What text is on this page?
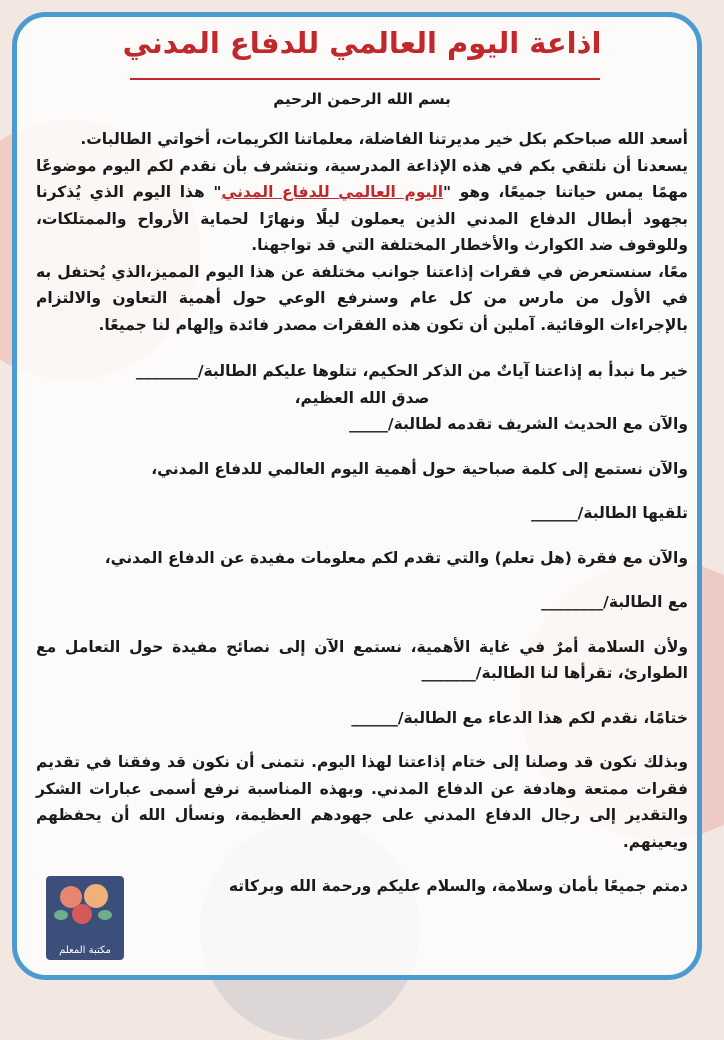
اذاعة اليوم العالمي للدفاع المدني
بسم الله الرحمن الرحيم

أسعد الله صباحكم بكل خير مديرتنا الفاضلة، معلماتنا الكريمات، أخواتي الطالبات.

يسعدنا أن نلتقي بكم في هذه الإذاعة المدرسية، ونتشرف بأن نقدم لكم اليوم موضوعًا مهمًا يمس حياتنا جميعًا، وهو "اليوم العالمي للدفاع المدني" هذا اليوم الذي يُذكرنا بجهود أبطال الدفاع المدني الذين يعملون ليلًا ونهارًا لحماية الأرواح والممتلكات، وللوقوف ضد الكوارث والأخطار المختلفة التي قد تواجهنا.

معًا، سنستعرض في فقرات إذاعتنا جوانب مختلفة عن هذا اليوم المميز،الذي يُحتفل به في الأول من مارس من كل عام وسنرفع الوعي حول أهمية التعاون والالتزام بالإجراءات الوقائية. آملين أن تكون هذه الفقرات مصدر فائدة وإلهام لنا جميعًا.

خير ما نبدأ به إذاعتنا آياتٌ من الذكر الحكيم، تتلوها عليكم الطالبة/________

صدق الله العظيم،

والآن مع الحديث الشريف تقدمه لطالبة/_____

والآن نستمع إلى كلمة صباحية حول أهمية اليوم العالمي للدفاع المدني،

تلقيها الطالبة/______

والآن مع فقرة (هل تعلم) والتي تقدم لكم معلومات مفيدة عن الدفاع المدني،

مع الطالبة/________

ولأن السلامة أمرٌ في غاية الأهمية، نستمع الآن إلى نصائح مفيدة حول التعامل مع الطوارئ، تقرأها لنا الطالبة/_______

ختامًا، نقدم لكم هذا الدعاء مع الطالبة/______

وبذلك نكون قد وصلنا إلى ختام إذاعتنا لهذا اليوم. نتمنى أن نكون قد وفقنا في تقديم فقرات ممتعة وهادفة عن الدفاع المدني. وبهذه المناسبة نرفع أسمى عبارات الشكر والتقدير إلى رجال الدفاع المدني على جهودهم العظيمة، ونسأل الله أن يحفظهم ويعينهم.

دمتم جميعًا بأمان وسلامة، والسلام عليكم ورحمة الله وبركاته

مكتبة المعلم
